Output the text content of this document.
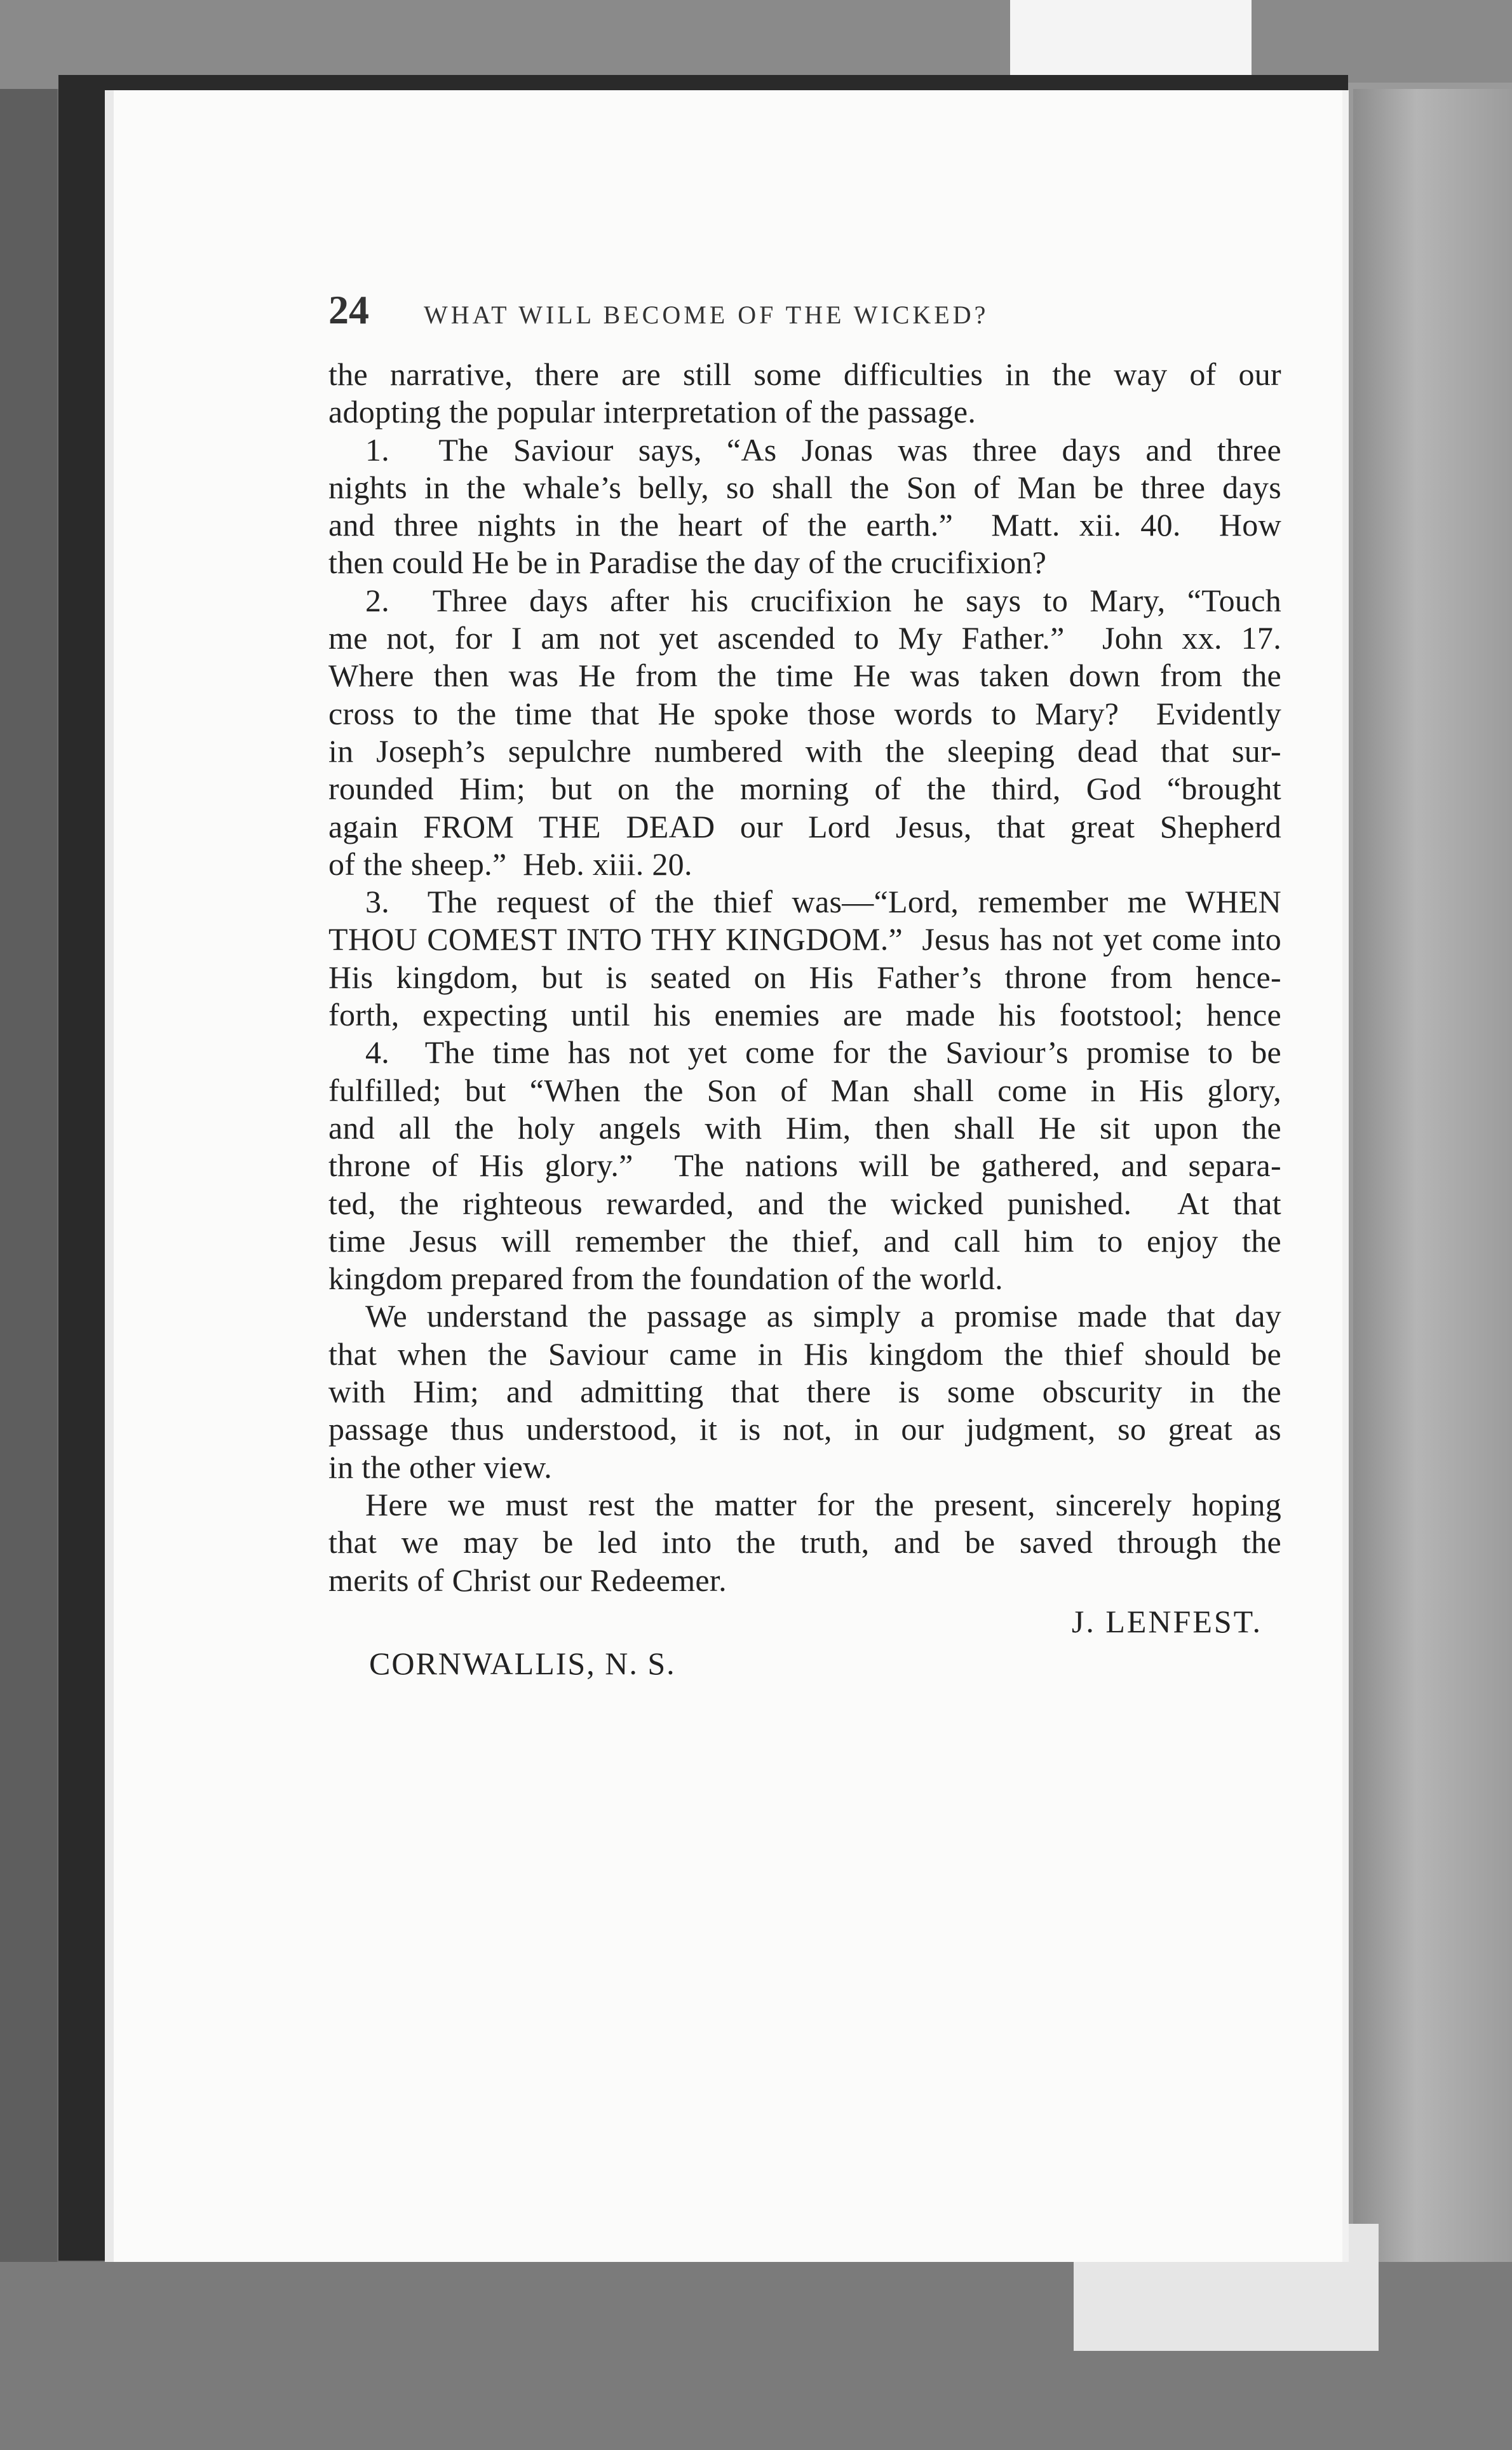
24	WHAT WILL BECOME OF THE WICKED?
the narrative, there are still some difficulties in the way of our
adopting the popular interpretation of the passage.
1.  The Saviour says, “As Jonas was three days and three
nights in the whale’s belly, so shall the Son of Man be three days
and three nights in the heart of the earth.”  Matt. xii. 40.  How
then could He be in Paradise the day of the crucifixion?
2.  Three days after his crucifixion he says to Mary, “Touch
me not, for I am not yet ascended to My Father.”  John xx. 17.
Where then was He from the time He was taken down from the
cross to the time that He spoke those words to Mary?  Evidently
in Joseph’s sepulchre numbered with the sleeping dead that sur-
rounded Him; but on the morning of the third, God “brought
again FROM THE DEAD our Lord Jesus, that great Shepherd
of the sheep.”  Heb. xiii. 20.
3.  The request of the thief was—“Lord, remember me WHEN
THOU COMEST INTO THY KINGDOM.”  Jesus has not yet come into
His kingdom, but is seated on His Father’s throne from hence-
forth, expecting until his enemies are made his footstool; hence
4.  The time has not yet come for the Saviour’s promise to be
fulfilled; but “When the Son of Man shall come in His glory,
and all the holy angels with Him, then shall He sit upon the
throne of His glory.”  The nations will be gathered, and separa-
ted, the righteous rewarded, and the wicked punished.  At that
time Jesus will remember the thief, and call him to enjoy the
kingdom prepared from the foundation of the world.
We understand the passage as simply a promise made that day
that when the Saviour came in His kingdom the thief should be
with Him; and admitting that there is some obscurity in the
passage thus understood, it is not, in our judgment, so great as
in the other view.
Here we must rest the matter for the present, sincerely hoping
that we may be led into the truth, and be saved through the
merits of Christ our Redeemer.
J. LENFEST.
CORNWALLIS, N. S.
